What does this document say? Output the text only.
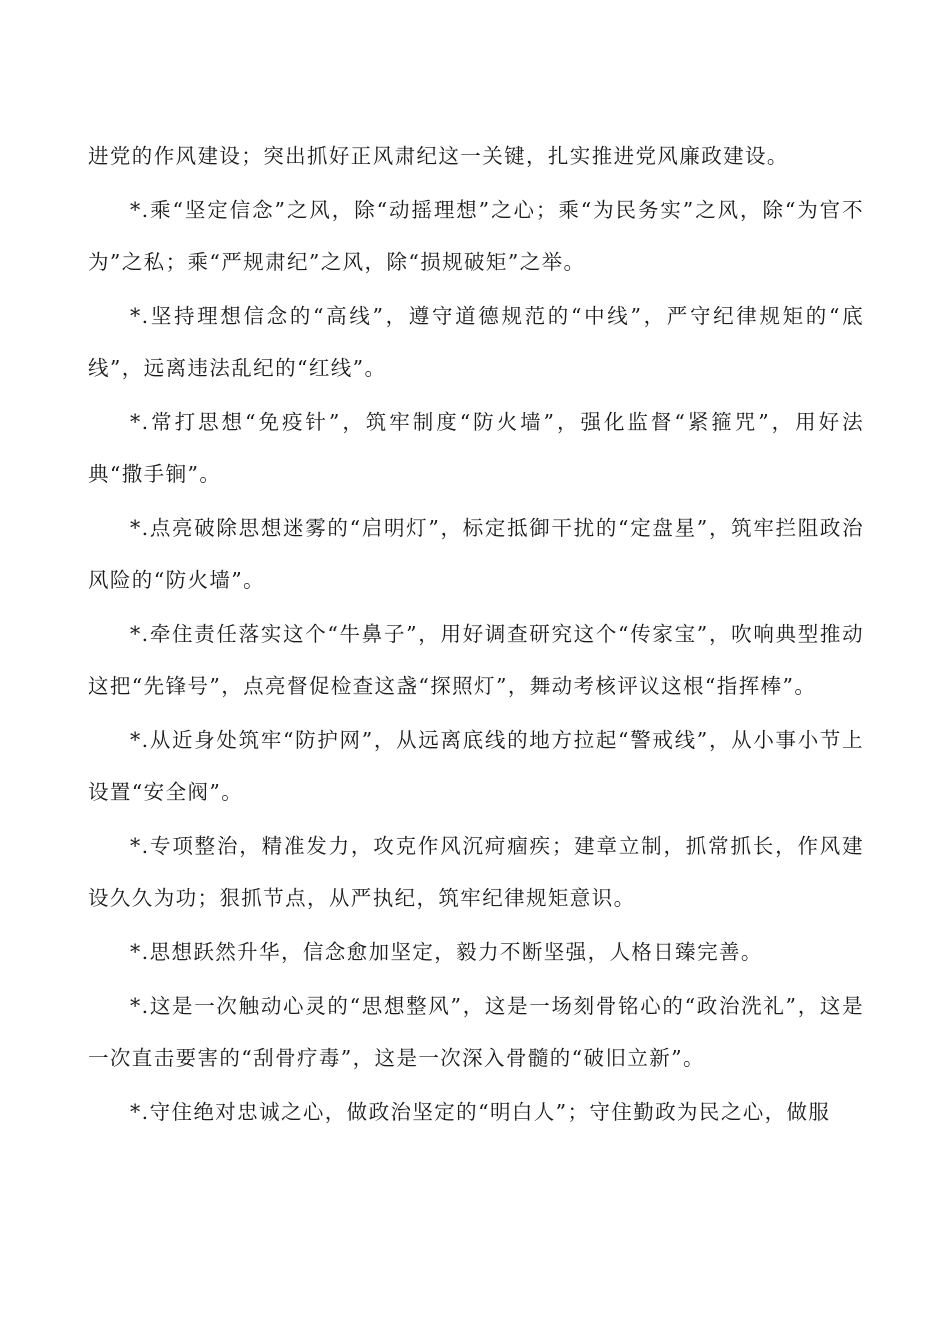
进党的作风建设；突出抓好正风肃纪这一关键，扎实推进党风廉政建设。

*.乘“坚定信念”之风，除“动摇理想”之心；乘“为民务实”之风，除“为官不为”之私；乘“严规肃纪”之风，除“损规破矩”之举。

*.坚持理想信念的“高线”，遵守道德规范的“中线”，严守纪律规矩的“底线”，远离违法乱纪的“红线”。

*.常打思想“免疫针”，筑牢制度“防火墙”，强化监督“紧箍咒”，用好法典“撒手锏”。

*.点亮破除思想迷雾的“启明灯”，标定抵御干扰的“定盘星”，筑牢拦阻政治风险的“防火墙”。

*.牵住责任落实这个“牛鼻子”，用好调查研究这个“传家宝”，吹响典型推动这把“先锋号”，点亮督促检查这盏“探照灯”，舞动考核评议这根“指挥棒”。

*.从近身处筑牢“防护网”，从远离底线的地方拉起“警戒线”，从小事小节上设置“安全阀”。

*.专项整治，精准发力，攻克作风沉疴痼疾；建章立制，抓常抓长，作风建设久久为功；狠抓节点，从严执纪，筑牢纪律规矩意识。

*.思想跃然升华，信念愈加坚定，毅力不断坚强，人格日臻完善。

*.这是一次触动心灵的“思想整风”，这是一场刻骨铭心的“政治洗礼”，这是一次直击要害的“刮骨疗毒”，这是一次深入骨髓的“破旧立新”。

*.守住绝对忠诚之心，做政治坚定的“明白人”；守住勤政为民之心，做服
